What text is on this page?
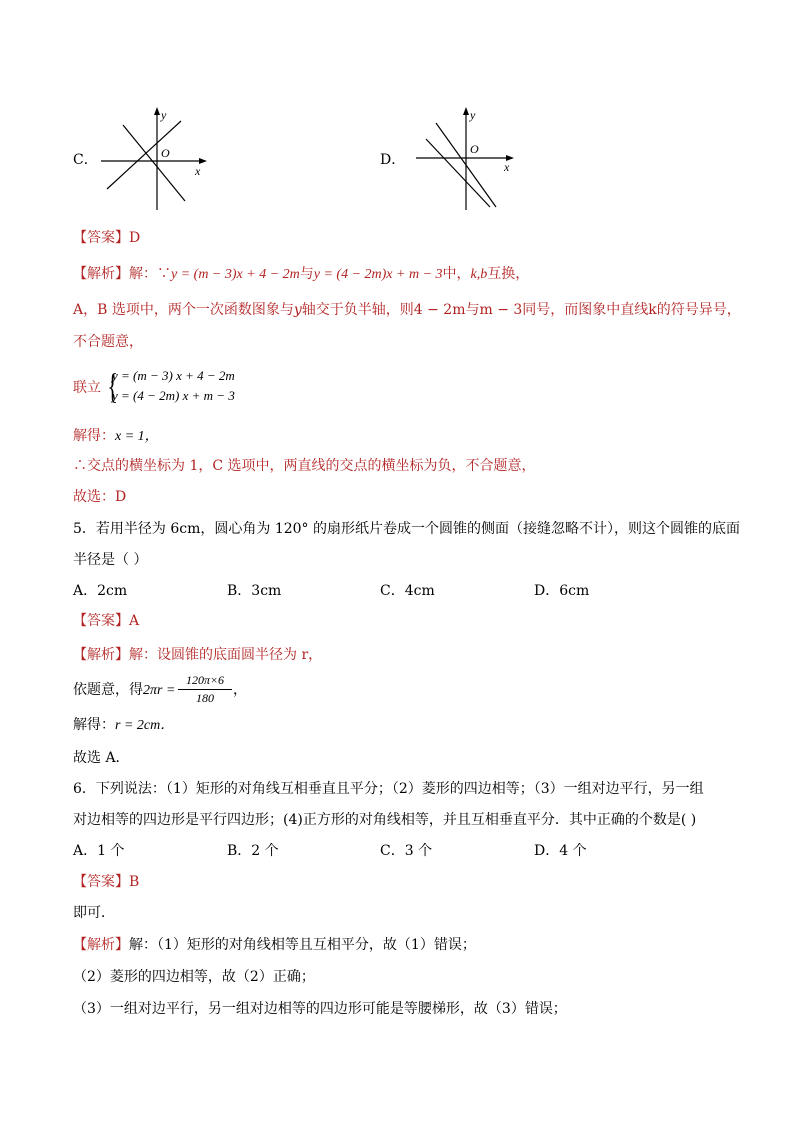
C．
y
O
x
D．
y
O
x
【答案】D
【解析】解：∵y = (m − 3)x + 4 − 2m与y = (4 − 2m)x + m − 3中，k,b互换，
A，B 选项中，两个一次函数图象与𝑦轴交于负半轴，则4 − 2m与m − 3同号，而图象中直线k的符号异号，
不合题意，
联立 {
y = (m − 3) x + 4 − 2m
y = (4 − 2m) x + m − 3
解得：x = 1，
∴交点的横坐标为 1，C 选项中，两直线的交点的横坐标为负，不合题意，
故选：D
5．若用半径为 6cm，圆心角为 120° 的扇形纸片卷成一个圆锥的侧面（接缝忽略不计），则这个圆锥的底面
半径是（ ）
A．2cm	B．3cm	C．4cm	D．6cm
【答案】A
【解析】解：设圆锥的底面圆半径为 r，
依题意，得$2\pi r = \frac{120\pi\times 6}{180}$ ，
解得：r = 2cm．
故选 A．
6．下列说法：（1）矩形的对角线互相垂直且平分；（2）菱形的四边相等；（3）一组对边平行，另一组
对边相等的四边形是平行四边形；(4)正方形的对角线相等，并且互相垂直平分．其中正确的个数是( )
A．1 个	B．2 个	C．3 个	D．4 个
【答案】B
即可．
【解析】解：（1）矩形的对角线相等且互相平分，故（1）错误；
（2）菱形的四边相等，故（2）正确；
（3）一组对边平行，另一组对边相等的四边形可能是等腰梯形，故（3）错误；
